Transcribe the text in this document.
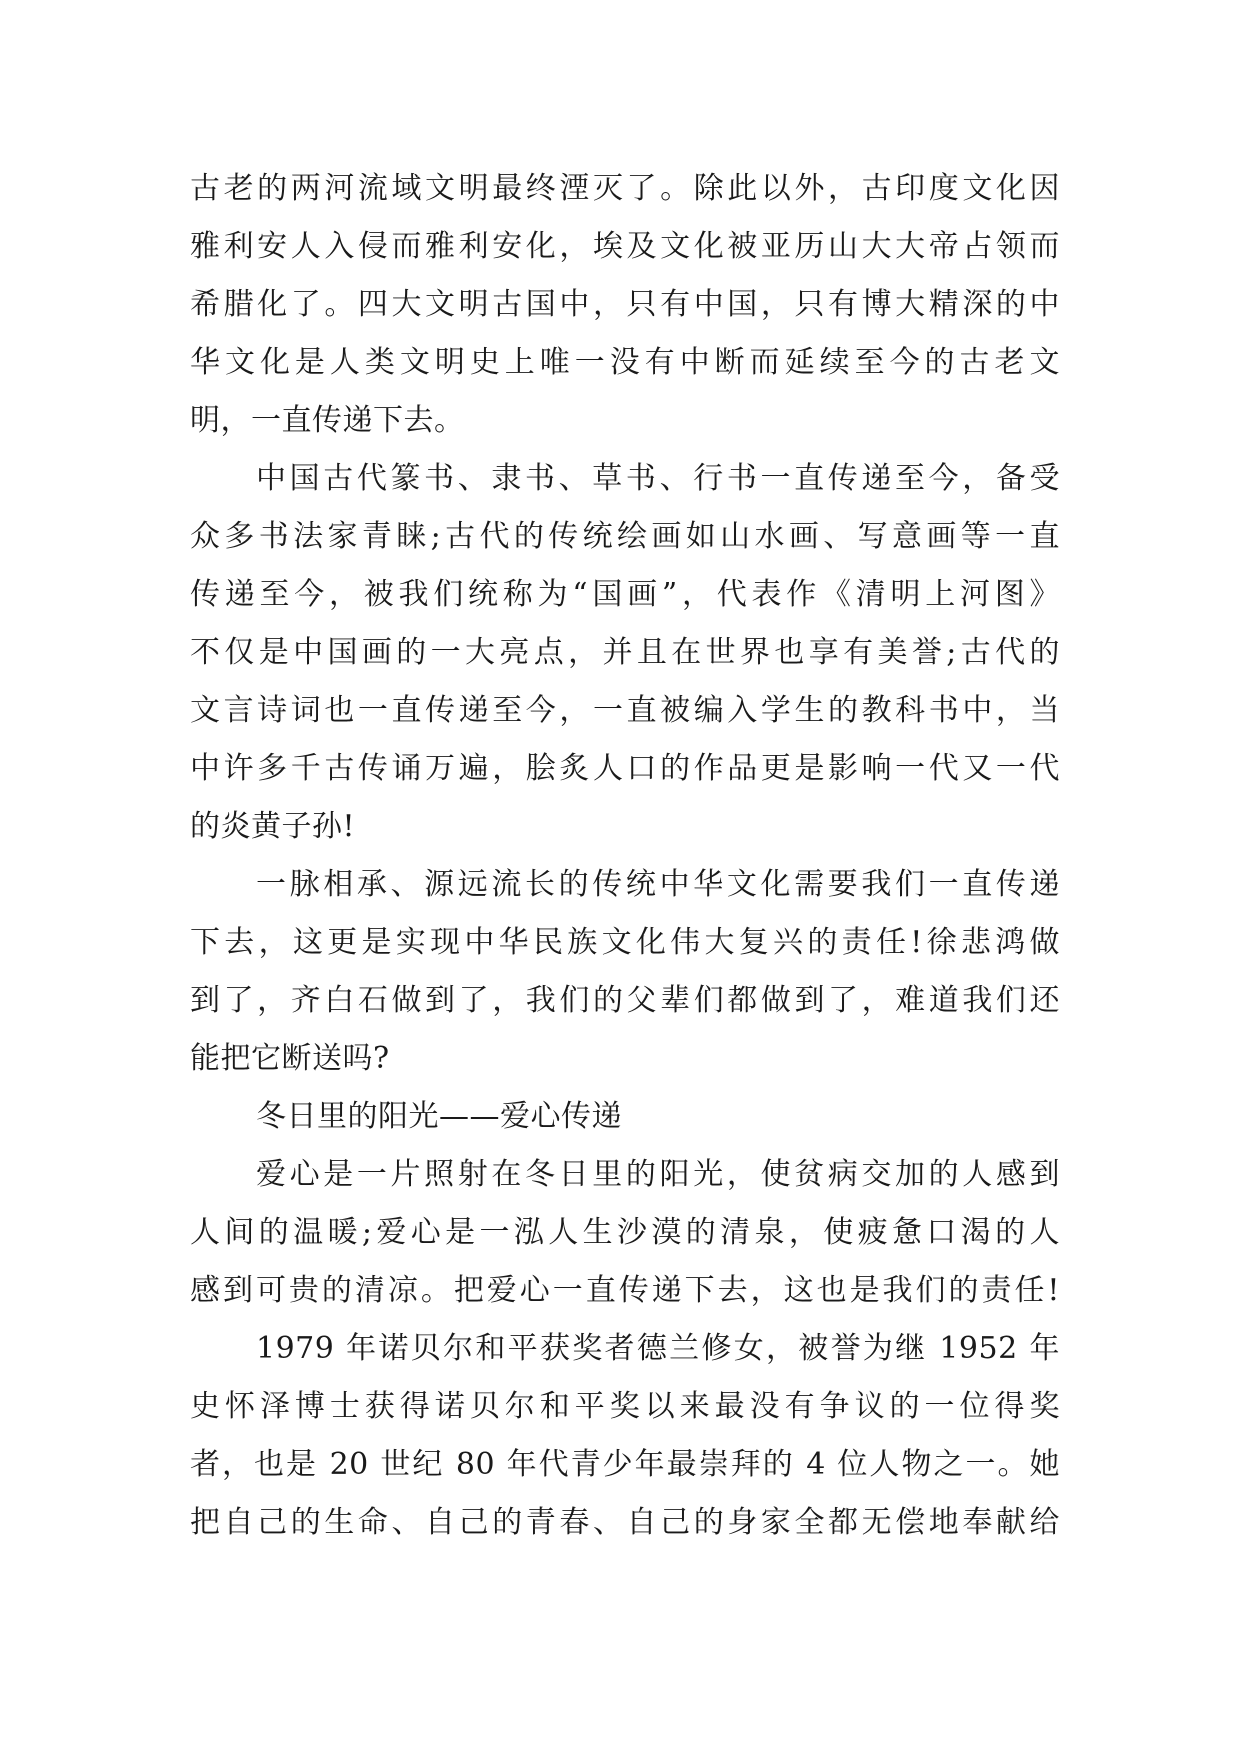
古老的两河流域文明最终湮灭了。除此以外，古印度文化因
雅利安人入侵而雅利安化，埃及文化被亚历山大大帝占领而
希腊化了。四大文明古国中，只有中国，只有博大精深的中
华文化是人类文明史上唯一没有中断而延续至今的古老文
明，一直传递下去。
中国古代篆书、隶书、草书、行书一直传递至今，备受
众多书法家青睐;古代的传统绘画如山水画、写意画等一直
传递至今，被我们统称为“国画”，代表作《清明上河图》
不仅是中国画的一大亮点，并且在世界也享有美誉;古代的
文言诗词也一直传递至今，一直被编入学生的教科书中，当
中许多千古传诵万遍，脍炙人口的作品更是影响一代又一代
的炎黄子孙!
一脉相承、源远流长的传统中华文化需要我们一直传递
下去，这更是实现中华民族文化伟大复兴的责任!徐悲鸿做
到了，齐白石做到了，我们的父辈们都做到了，难道我们还
能把它断送吗?
冬日里的阳光——爱心传递
爱心是一片照射在冬日里的阳光，使贫病交加的人感到
人间的温暖;爱心是一泓人生沙漠的清泉，使疲惫口渴的人
感到可贵的清凉。把爱心一直传递下去，这也是我们的责任!
1979 年诺贝尔和平获奖者德兰修女，被誉为继 1952 年
史怀泽博士获得诺贝尔和平奖以来最没有争议的一位得奖
者，也是 20 世纪 80 年代青少年最崇拜的 4 位人物之一。她
把自己的生命、自己的青春、自己的身家全都无偿地奉献给
